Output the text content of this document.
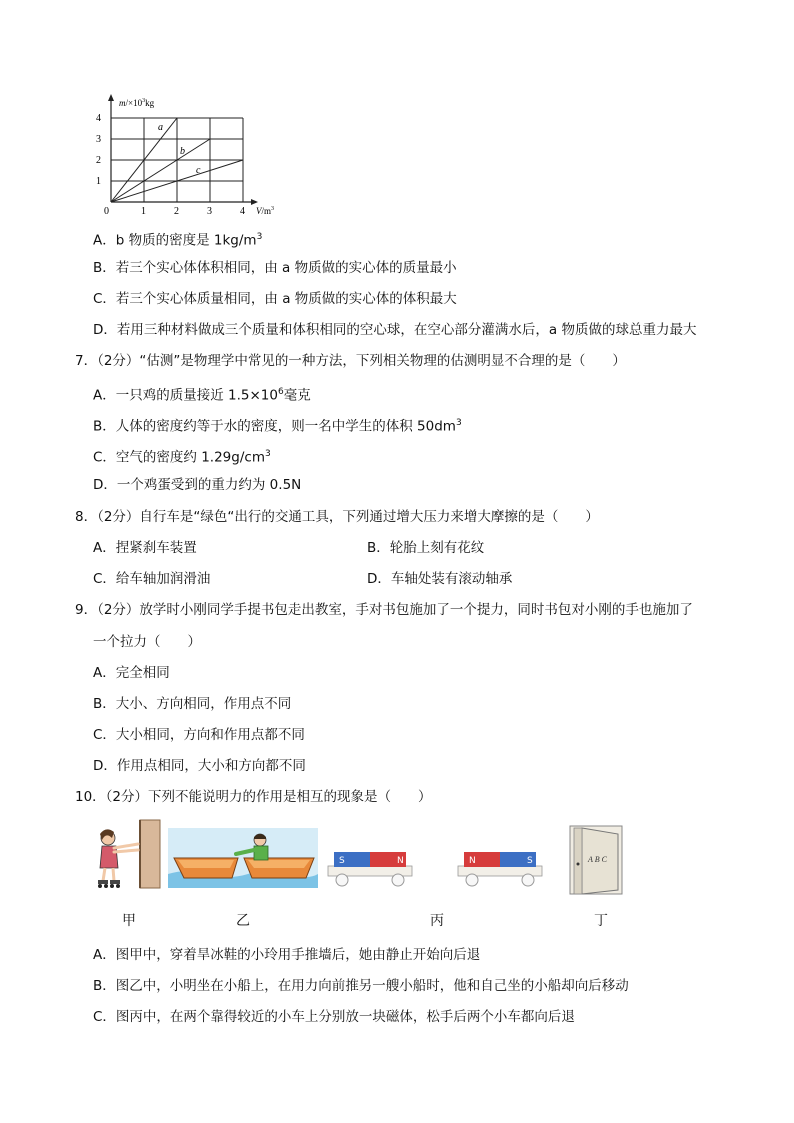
a
b
c
4
3
2
1
0	1	2	3	4
$m/\times 10^3kg$
$V/m^3$
A．b 物质的密度是 $1kg/m^3$
B．若三个实心体体积相同，由 a 物质做的实心体的质量最小
C．若三个实心体质量相同，由 a 物质做的实心体的体积最大
D．若用三种材料做成三个质量和体积相同的空心球，在空心部分灌满水后，a 物质做的球总重力最大
7．（2分）“估测”是物理学中常见的一种方法，下列相关物理的估测明显不合理的是（　　）
A．一只鸡的质量接近 $1.5\times 10^6$毫克
B．人体的密度约等于水的密度，则一名中学生的体积 $50dm^3$
C．空气的密度约 $1.29g/cm^3$
D．一个鸡蛋受到的重力约为 0.5N
8．（2分）自行车是“绿色“出行的交通工具，下列通过增大压力来增大摩擦的是（　　）
A．捏紧刹车装置	B．轮胎上刻有花纹
C．给车轴加润滑油	D．车轴处装有滚动轴承
9．（2分）放学时小刚同学手提书包走出教室，手对书包施加了一个提力，同时书包对小刚的手也施加了
一个拉力（　　）
A．完全相同
B．大小、方向相同，作用点不同
C．大小相同，方向和作用点都不同
D．作用点相同，大小和方向都不同
10．（2分）下列不能说明力的作用是相互的现象是（　　）
S	N	N	S	A B C
甲	乙	丙	丁
A．图甲中，穿着旱冰鞋的小玲用手推墙后，她由静止开始向后退
B．图乙中，小明坐在小船上，在用力向前推另一艘小船时，他和自己坐的小船却向后移动
C．图丙中，在两个靠得较近的小车上分别放一块磁体，松手后两个小车都向后退
